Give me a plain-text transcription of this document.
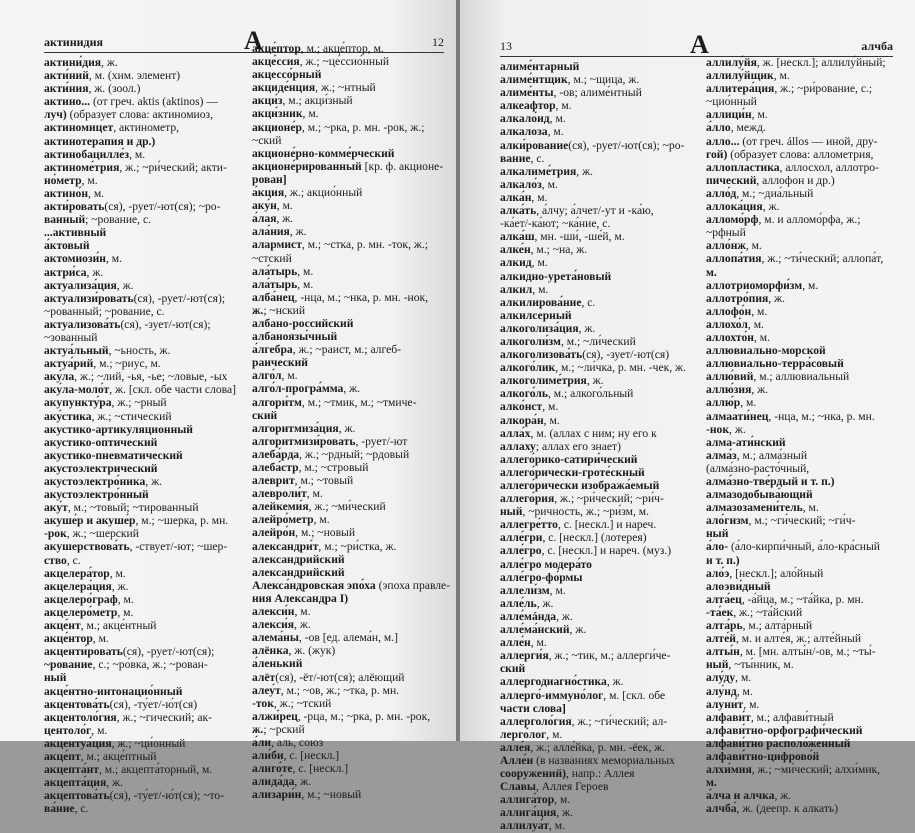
актинидия	А	12
актини́дия, ж.
акти́ний, м. (хим. элемент)
акти́ния, ж. (зоол.)
актино... (от греч. aktis (aktinos) —
луч) (образует слова: актиномиоз,
актиномицет, актинометр,
актинотерапия и др.)
актинобацилле́з, м.
актиноме́трия, ж.; ~ри́ческий; акти-
но́метр, м.
актино́н, м.
акти́ровать(ся), -рует/-ют(ся); ~ро-
ванный; ~рование, с.
...активный
а́ктовый
актомиози́н, м.
актри́са, ж.
актуализа́ция, ж.
актуализи́ровать(ся), -рует/-ют(ся);
~рованный; ~рование, с.
актуализова́ть(ся), -зует/-ют(ся);
~зованный
актуа́льный, ~ьность, ж.
актуа́рий, м.; ~риус, м.
аку́ла, ж.; ~лий, -ья, -ье; ~ловые, -ых
аку́ла-моло́т, ж. [скл. обе части слова]
акупункту́ра, ж.; ~рный
аку́стика, ж.; ~стический
акустико-артикуляционный
акустико-оптический
акустико-пневматический
акустоэлектрический
акустоэлектро́ника, ж.
акустоэлектро́нный
аку́т, м.; ~товый; ~тированный
акуше́р и акуше́р, м.; ~шерка, р. мн.
-рок, ж.; ~шерский
акушерствова́ть, -ствует/-ют; ~шер-
ство, с.
акцелера́тор, м.
акцелера́ция, ж.
акцелеро́граф, м.
акцелеро́метр, м.
акце́нт, м.; акце́нтный
акце́нтор, м.
акценти́ровать(ся), -рует/-ют(ся);
~рование, с.; ~ро́вка, ж.; ~рован-
ный
акце́нтно-интонацио́нный
акцентова́ть(ся), -ту́ет/-ю́т(ся)
акцентоло́гия, ж.; ~гический; ак-
центоло́г, м.
акцентуа́ция, ж.; ~ци́онный
акце́пт, м.; акце́птный
акцепта́нт, м.; акцепта́торный, м.
акцепта́ция, ж.
акцептова́ть(ся), -ту́ет/-ю́т(ся); ~то-
ва́ние, с.
акце́птор, м.; акце́птор, м.
акце́ссия, ж.; ~це́ссио́нный
акцессо́рный
акциде́нция, ж.; ~нтный
акци́з, м.; акци́зный
акци́зник, м.
акционе́р, м.; ~рка, р. мн. -рок, ж.;
~ский
акционе́рно-комме́рческий
акционе́рированный [кр. ф. акционе-
рован]
а́кция, ж.; акцио́нный
аку́н, м.
а́лая, ж.
ала́ния, ж.
алармист, м.; ~стка, р. мн. -ток, ж.;
~стский
ала́тырь, м.
ала́тырь, м.
алба́нец, -нца, м.; ~нка, р. мн. -нок,
ж.; ~нский
албано-российский
албаноязы́чный
а́лгебра, ж.; ~раист, м.; алгеб-
раический
алго́л, м.
алго́л-програ́мма, ж.
алгори́тм, м.; ~тмик, м.; ~тмиче-
ский
алгоритмиза́ция, ж.
алгоритмизи́ровать, -рует/-ют
алеба́рда, ж.; ~рдный; ~рдовый
алеба́стр, м.; ~стровый
алеврит, м.; ~товый
алевроли́т, м.
алейкеми́я, ж.; ~ми́ческий
алейро́метр, м.
алейро́н, м.; ~новый
александри́т, м.; ~ри́стка, ж.
александрийский
александрийский
Алекса́ндровская эпо́ха (эпоха правле-
ния Александра I)
алекси́н, м.
алекси́я, ж.
алема́ны, -ов [ед. алема́н, м.]
алёнка, ж. (жук)
а́ленький
алёт(ся), -ёт/-ют(ся); алёющий
алеу́т, м.; ~ов, ж.; ~тка, р. мн.
-ток, ж.; ~тский
алжи́рец, -рца, м.; ~рка, р. мн. -рок,
ж.; ~рский
а́ли, аль, союз
али́би, с. [нескл.]
алиго́те, с. [нескл.]
алида́да, ж.
ализари́н, м.; ~новый
13	А	алчба
алиме́нтарный
алиме́нтщик, м.; ~щица, ж.
алиме́нты, -ов; алиме́нтный
алкеафтор, м.
алкало́ид, м.
алкалоза, м.
алки́рование(ся), -рует/-ют(ся); ~ро-
вание, с.
алкалиме́трия, ж.
алкало́з, м.
алка́н, м.
алка́ть, а́лчу; а́лчет/-ут и -ка́ю,
-ка́ет/-ка́ют; ~ка́ние, с.
алка́ш, мн. -ши́, -ше́й, м.
алке́н, м.; ~на, ж.
алкид, м.
алкидно-урета́новый
алкил, м.
алкилирова́ние, с.
алкилсерный
алкоголиза́ция, ж.
алкоголи́зм, м.; ~ли́ческий
алкоголизова́ть(ся), -зует/-ют(ся)
алкого́лик, м.; ~ли́чка, р. мн. -чек, ж.
алкоголиме́трия, ж.
алкого́ль, м.; алкого́льный
алко́нст, м.
алкора́н, м.
алла́х, м. (аллах с ним; ну его к
аллаху; аллах его знает)
аллего́рико-сатири́ческий
аллего́рически-гроте́скный
аллего́рически изобража́емый
аллего́рия, ж.; ~ри́ческий; ~ри́ч-
ный, ~ричность, ж.; ~ри́зм, м.
аллегре́тто, с. [нескл.] и нареч.
алле́гри, с. [нескл.] (лотерея)
алле́гро, с. [нескл.] и нареч. (муз.)
алле́гро модера́то
алле́гро-фо́рмы
аллели́зм, м.
алле́ль, ж.
алле́мáнда, ж.
алле́ма́нский, ж.
алле́н, м.
аллерги́я, ж.; ~тик, м.; аллерги́че-
ский
аллергодиагно́стика, ж.
аллерго́-иммуно́лог, м. [скл. обе
части слова]
аллерголо́гия, ж.; ~ги́ческий; ал-
лерго́лог, м.
алле́я, ж.; алле́йка, р. мн. -ёек, ж.
Алле́и (в названиях мемориальных
сооружений), напр.: Аллея
Славы, Аллея Героев
аллига́тор, м.
аллига́ция, ж.
аллилуа́т, м.
аллилу́йя, ж. [нескл.]; аллилу́йный;
аллилу́йщик, м.
аллитера́ция, ж.; ~ри́рование, с.;
~цио́нный
аллици́н, м.
а́лло, межд.
алло... (от греч. állos — иной, дру-
гой) (образует слова: аллометрия,
аллопластика, аллосхол, аллотро-
пический, аллофон и др.)
алло́д, м.; ~диа́льный
аллока́ция, ж.
алломо́рф, м. и алломо́рфа, ж.;
~рфный
алло́нж, м.
аллопа́тия, ж.; ~ти́ческий; аллопа́т,
м.
аллотриоморфи́зм, м.
аллотро́пия, ж.
аллофо́н, м.
аллохо́л, м.
аллохто́н, м.
аллювиально-морской
аллювиально-терра́совый
аллю́вий, м.; аллювиальный
аллю́зия, ж.
аллю́р, м.
алмаати́нец, -нца, м.; ~нка, р. мн.
-нок, ж.
алма-ати́нский
алма́з, м.; алма́зный
(алма́зно-расто́чный,
алма́зно-тве́рдый и т. п.)
алмазодобыва́ющий
алмазозамени́тель, м.
ало́гизм, м.; ~ги́ческий; ~ги́ч-
ный
а́ло- (а́ло-кирпи́чный, а́ло-кра́сный
и т. п.)
ало́э, [нескл.]; ало́йный
алоэви́дный
алта́ец, -а́йца, м.; ~та́йка, р. мн.
-та́ек, ж.; ~та́йский
алта́рь, м.; алта́рный
алте́й, м. и алте́я, ж.; алте́йный
алты́н, м. [мн. алты́н/-ов, м.; ~ты́-
ный, ~ты́нник, м.
алу́ду, м.
алу́нд, м.
алуни́т, м.
алфави́т, м.; алфави́тный
алфави́тно-орфографи́ческий
алфави́тно располо́женный
алфави́тно-цифрово́й
алхи́мия, ж.; ~ми́ческий; алхи́мик,
м.
а́лча и алчка, ж.
алчба́, ж. (деепр. к алкать)
